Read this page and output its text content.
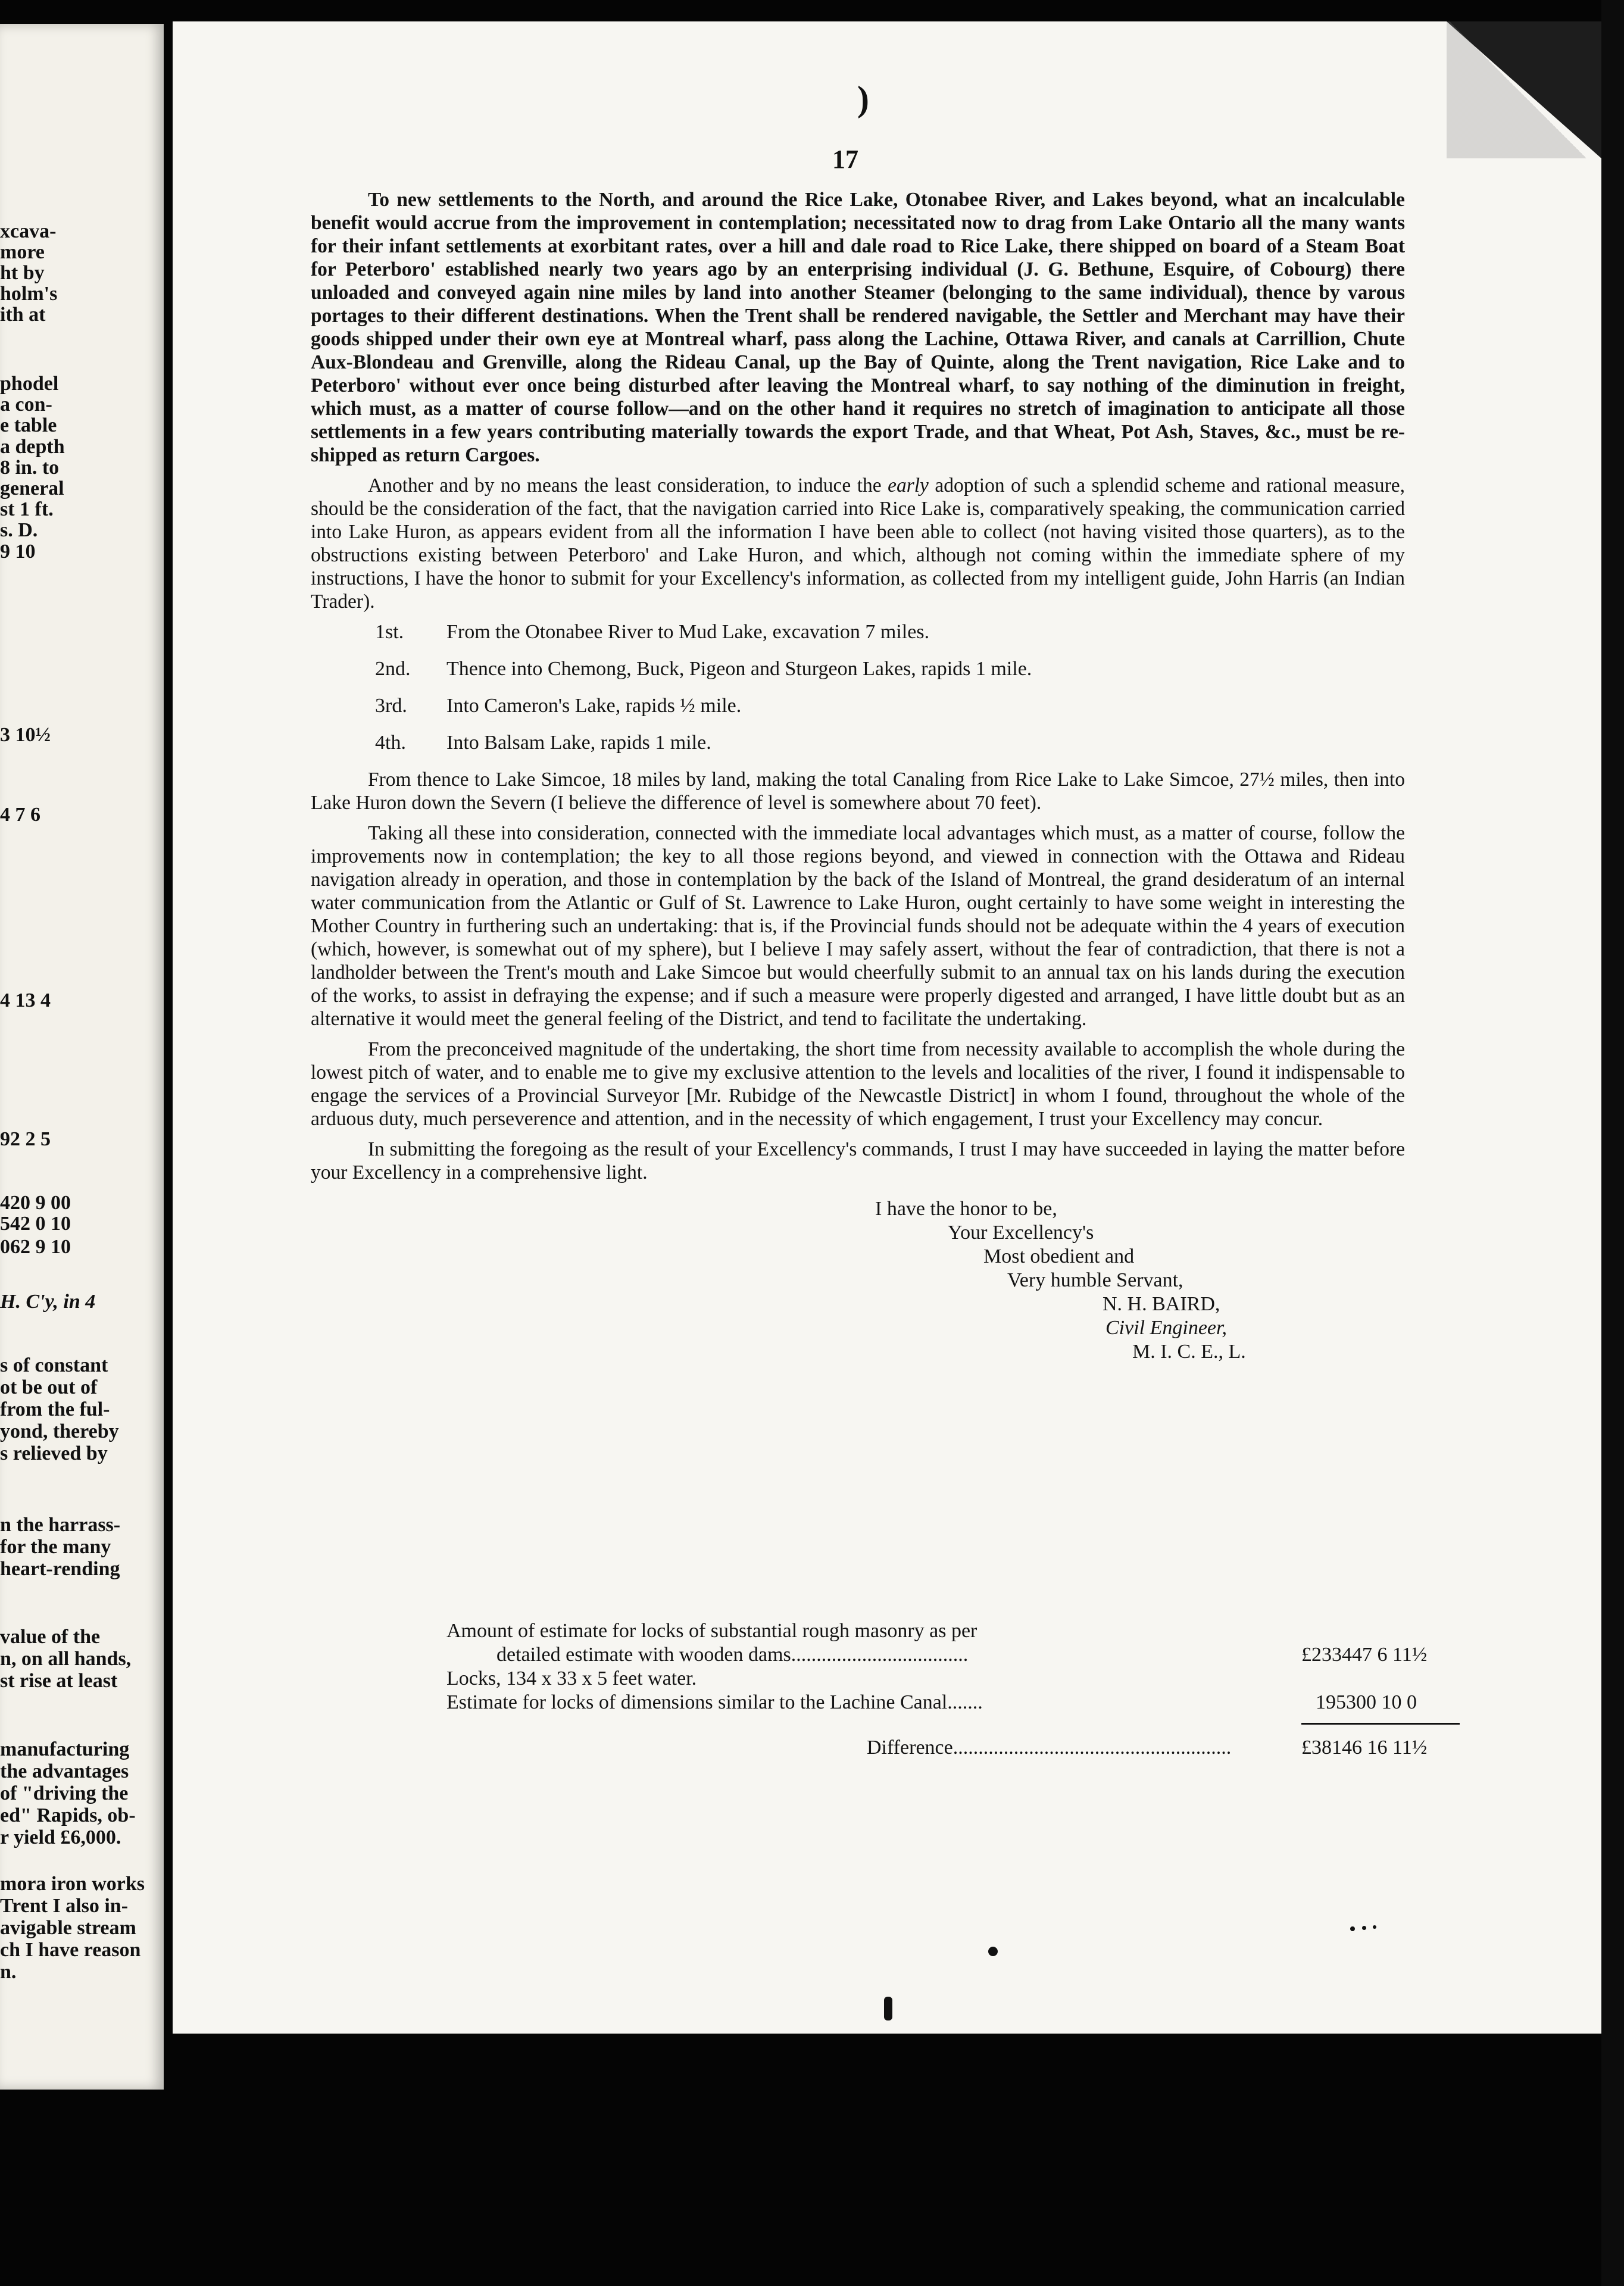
xcava-
more
ht by
holm's
ith at
phodel
a con-
e table
a depth
8 in. to
general
st 1 ft.
s. D.
9 10
3 10½
4 7 6
4 13 4
92 2 5
420 9 00
542 0 10
062 9 10
H. C'y, in 4
s of constant
ot be out of
from the ful-
yond, thereby
s relieved by
n the harrass-
for the many
heart-rending
value of the
n, on all hands,
st rise at least
manufacturing
the advantages
of "driving the
ed" Rapids, ob-
r yield £6,000.
mora iron works
Trent I also in-
avigable stream
ch I have reason
n.
)
17

To new settlements to the North, and around the Rice Lake, Otonabee River, and Lakes beyond, what an incalculable benefit would accrue from the improvement in contemplation; necessitated now to drag from Lake Ontario all the many wants for their infant settlements at exorbitant rates, over a hill and dale road to Rice Lake, there shipped on board of a Steam Boat for Peterboro' established nearly two years ago by an enterprising individual (J. G. Bethune, Esquire, of Cobourg) there unloaded and conveyed again nine miles by land into another Steamer (belonging to the same individual), thence by varous portages to their different destinations. When the Trent shall be rendered navigable, the Settler and Merchant may have their goods shipped under their own eye at Montreal wharf, pass along the Lachine, Ottawa River, and canals at Carrillion, Chute Aux-Blondeau and Grenville, along the Rideau Canal, up the Bay of Quinte, along the Trent navigation, Rice Lake and to Peterboro' without ever once being disturbed after leaving the Montreal wharf, to say nothing of the diminution in freight, which must, as a matter of course follow—and on the other hand it requires no stretch of imagination to anticipate all those settlements in a few years contributing materially towards the export Trade, and that Wheat, Pot Ash, Staves, &c., must be re-shipped as return Cargoes.

Another and by no means the least consideration, to induce the early adoption of such a splendid scheme and rational measure, should be the consideration of the fact, that the navigation carried into Rice Lake is, comparatively speaking, the communication carried into Lake Huron, as appears evident from all the information I have been able to collect (not having visited those quarters), as to the obstructions existing between Peterboro' and Lake Huron, and which, although not coming within the immediate sphere of my instructions, I have the honor to submit for your Excellency's information, as collected from my intelligent guide, John Harris (an Indian Trader).

1st.	From the Otonabee River to Mud Lake, excavation 7 miles.
2nd.	Thence into Chemong, Buck, Pigeon and Sturgeon Lakes, rapids 1 mile.
3rd.	Into Cameron's Lake, rapids ½ mile.
4th.	Into Balsam Lake, rapids 1 mile.

From thence to Lake Simcoe, 18 miles by land, making the total Canaling from Rice Lake to Lake Simcoe, 27½ miles, then into Lake Huron down the Severn (I believe the difference of level is somewhere about 70 feet).

Taking all these into consideration, connected with the immediate local advantages which must, as a matter of course, follow the improvements now in contemplation; the key to all those regions beyond, and viewed in connection with the Ottawa and Rideau navigation already in operation, and those in contemplation by the back of the Island of Montreal, the grand desideratum of an internal water communication from the Atlantic or Gulf of St. Lawrence to Lake Huron, ought certainly to have some weight in interesting the Mother Country in furthering such an undertaking: that is, if the Provincial funds should not be adequate within the 4 years of execution (which, however, is somewhat out of my sphere), but I believe I may safely assert, without the fear of contradiction, that there is not a landholder between the Trent's mouth and Lake Simcoe but would cheerfully submit to an annual tax on his lands during the execution of the works, to assist in defraying the expense; and if such a measure were properly digested and arranged, I have little doubt but as an alternative it would meet the general feeling of the District, and tend to facilitate the undertaking.

From the preconceived magnitude of the undertaking, the short time from necessity available to accomplish the whole during the lowest pitch of water, and to enable me to give my exclusive attention to the levels and localities of the river, I found it indispensable to engage the services of a Provincial Surveyor [Mr. Rubidge of the Newcastle District] in whom I found, throughout the whole of the arduous duty, much perseverence and attention, and in the necessity of which engagement, I trust your Excellency may concur.

In submitting the foregoing as the result of your Excellency's commands, I trust I may have succeeded in laying the matter before your Excellency in a comprehensive light.

I have the honor to be,
Your Excellency's
Most obedient and
Very humble Servant,
N. H. BAIRD,
Civil Engineer,
M. I. C. E., L.
Amount of estimate for locks of substantial rough masonry as per
detailed estimate with wooden dams...................................	£233447 6 11½
Locks, 134 x 33 x 5 feet water.
Estimate for locks of dimensions similar to the Lachine Canal.......	195300 10 0
Difference.......................................................	£38146 16 11½
